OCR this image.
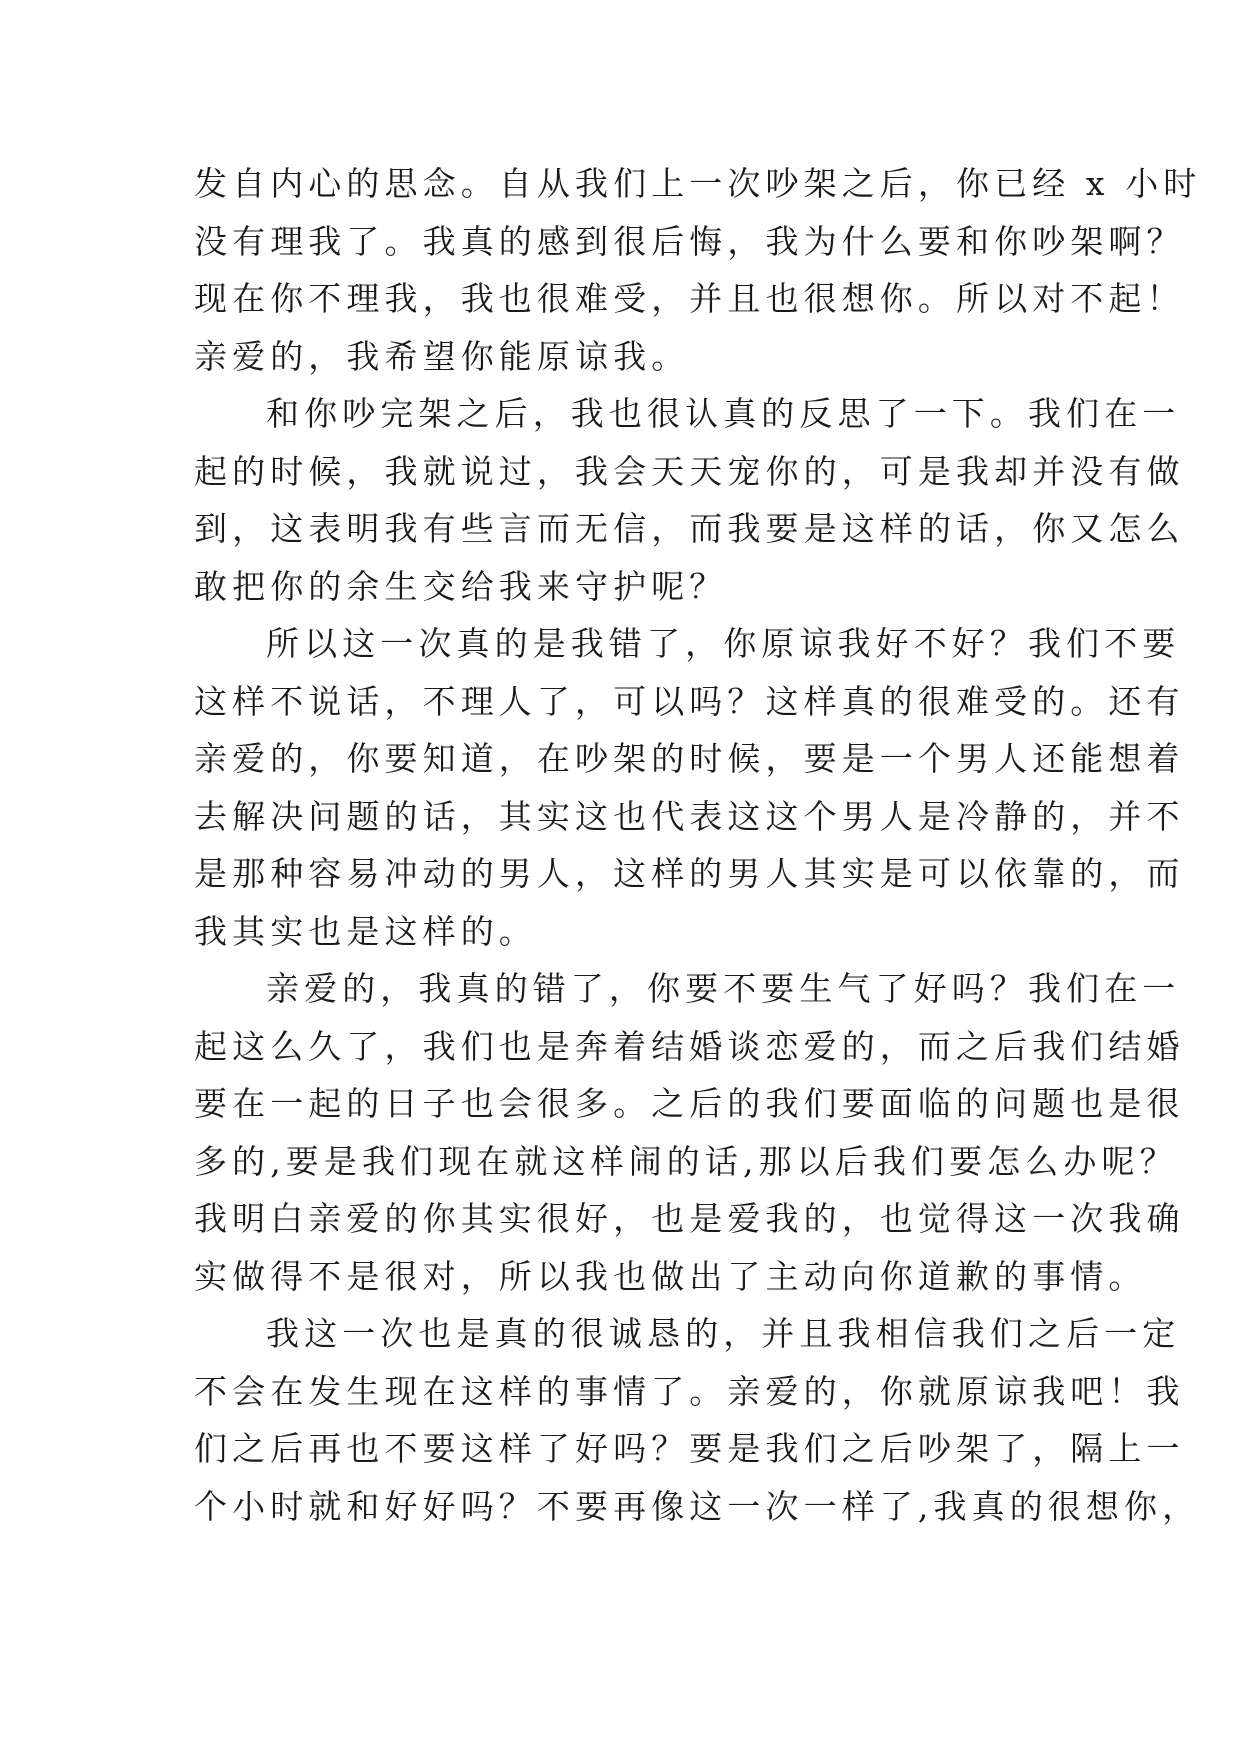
发自内心的思念。自从我们上一次吵架之后，你已经 x 小时
没有理我了。我真的感到很后悔，我为什么要和你吵架啊？
现在你不理我，我也很难受，并且也很想你。所以对不起！
亲爱的，我希望你能原谅我。
和你吵完架之后，我也很认真的反思了一下。我们在一
起的时候，我就说过，我会天天宠你的，可是我却并没有做
到，这表明我有些言而无信，而我要是这样的话，你又怎么
敢把你的余生交给我来守护呢？
所以这一次真的是我错了，你原谅我好不好？我们不要
这样不说话，不理人了，可以吗？这样真的很难受的。还有
亲爱的，你要知道，在吵架的时候，要是一个男人还能想着
去解决问题的话，其实这也代表这这个男人是冷静的，并不
是那种容易冲动的男人，这样的男人其实是可以依靠的，而
我其实也是这样的。
亲爱的，我真的错了，你要不要生气了好吗？我们在一
起这么久了，我们也是奔着结婚谈恋爱的，而之后我们结婚
要在一起的日子也会很多。之后的我们要面临的问题也是很
多的,要是我们现在就这样闹的话,那以后我们要怎么办呢？
我明白亲爱的你其实很好，也是爱我的，也觉得这一次我确
实做得不是很对，所以我也做出了主动向你道歉的事情。
我这一次也是真的很诚恳的，并且我相信我们之后一定
不会在发生现在这样的事情了。亲爱的，你就原谅我吧！我
们之后再也不要这样了好吗？要是我们之后吵架了，隔上一
个小时就和好好吗？不要再像这一次一样了,我真的很想你，
